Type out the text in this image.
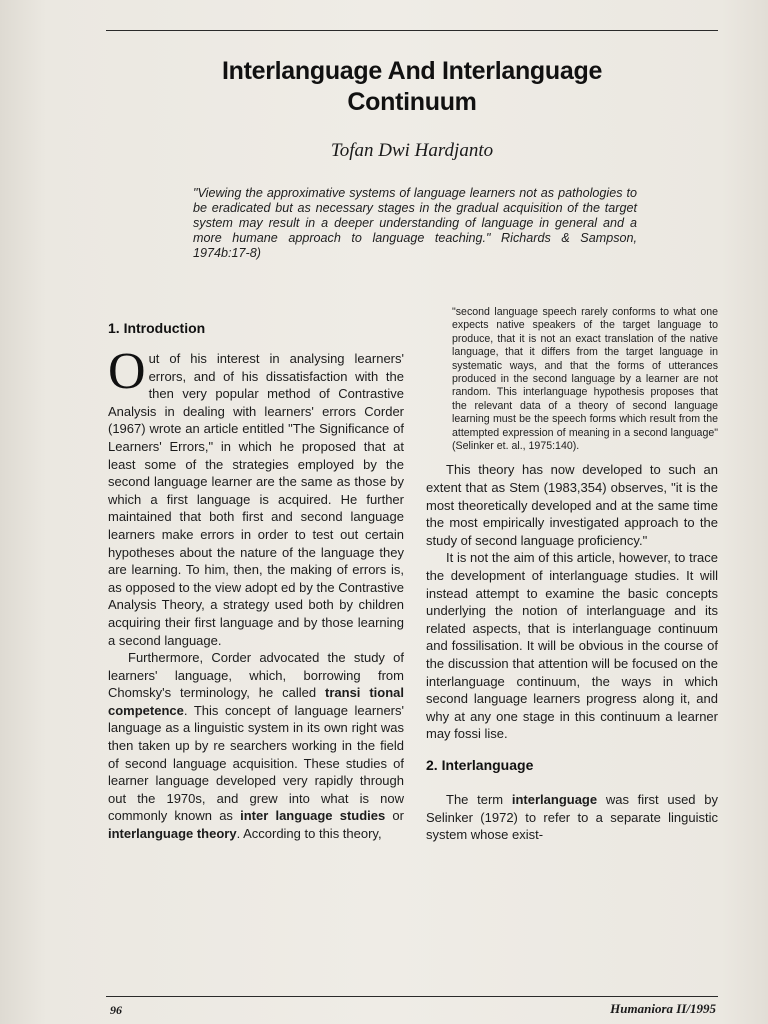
Interlanguage And Interlanguage
Continuum

Tofan Dwi Hardjanto

"Viewing the approximative systems of language learners not as pathologies to be eradicated but as necessary stages in the gradual acquisition of the target system may result in a deeper understanding of language in general and a more humane approach to language teaching." Richards & Sampson, 1974b:17-8)

1. Introduction

Out of his interest in analysing learners' errors, and of his dissatisfaction with the then very popular method of Contrastive Analysis in dealing with learners' errors Corder (1967) wrote an article entitled "The Significance of Learners' Errors," in which he proposed that at least some of the strategies employed by the second language learner are the same as those by which a first language is acquired. He further maintained that both first and second language learners make errors in order to test out certain hypotheses about the nature of the language they are learning. To him, then, the making of errors is, as opposed to the view adopt ed by the Contrastive Analysis Theory, a strategy used both by children acquiring their first language and by those learning a second language.

Furthermore, Corder advocated the study of learners' language, which, borrowing from Chomsky's terminology, he called transi tional competence. This concept of language learners' language as a linguistic system in its own right was then taken up by re searchers working in the field of second language acquisition. These studies of learner language developed very rapidly through out the 1970s, and grew into what is now commonly known as inter language studies or interlanguage theory. According to this theory,

"second language speech rarely conforms to what one expects native speakers of the target language to produce, that it is not an exact translation of the native language, that it differs from the target language in systematic ways, and that the forms of utterances produced in the second language by a learner are not random. This interlanguage hypothesis proposes that the relevant data of a theory of second language learning must be the speech forms which result from the attempted expression of meaning in a second language" (Selinker et. al., 1975:140).

This theory has now developed to such an extent that as Stem (1983,354) observes, "it is the most theoretically developed and at the same time the most empirically investigated approach to the study of second language proficiency."

It is not the aim of this article, however, to trace the development of interlanguage studies. It will instead attempt to examine the basic concepts underlying the notion of interlanguage and its related aspects, that is interlanguage continuum and fossilisation. It will be obvious in the course of the discussion that attention will be focused on the interlanguage continuum, the ways in which second language learners progress along it, and why at any one stage in this continuum a learner may fossi lise.

2. Interlanguage

The term interlanguage was first used by Selinker (1972) to refer to a separate linguistic system whose exist-

96	Humaniora II/1995
